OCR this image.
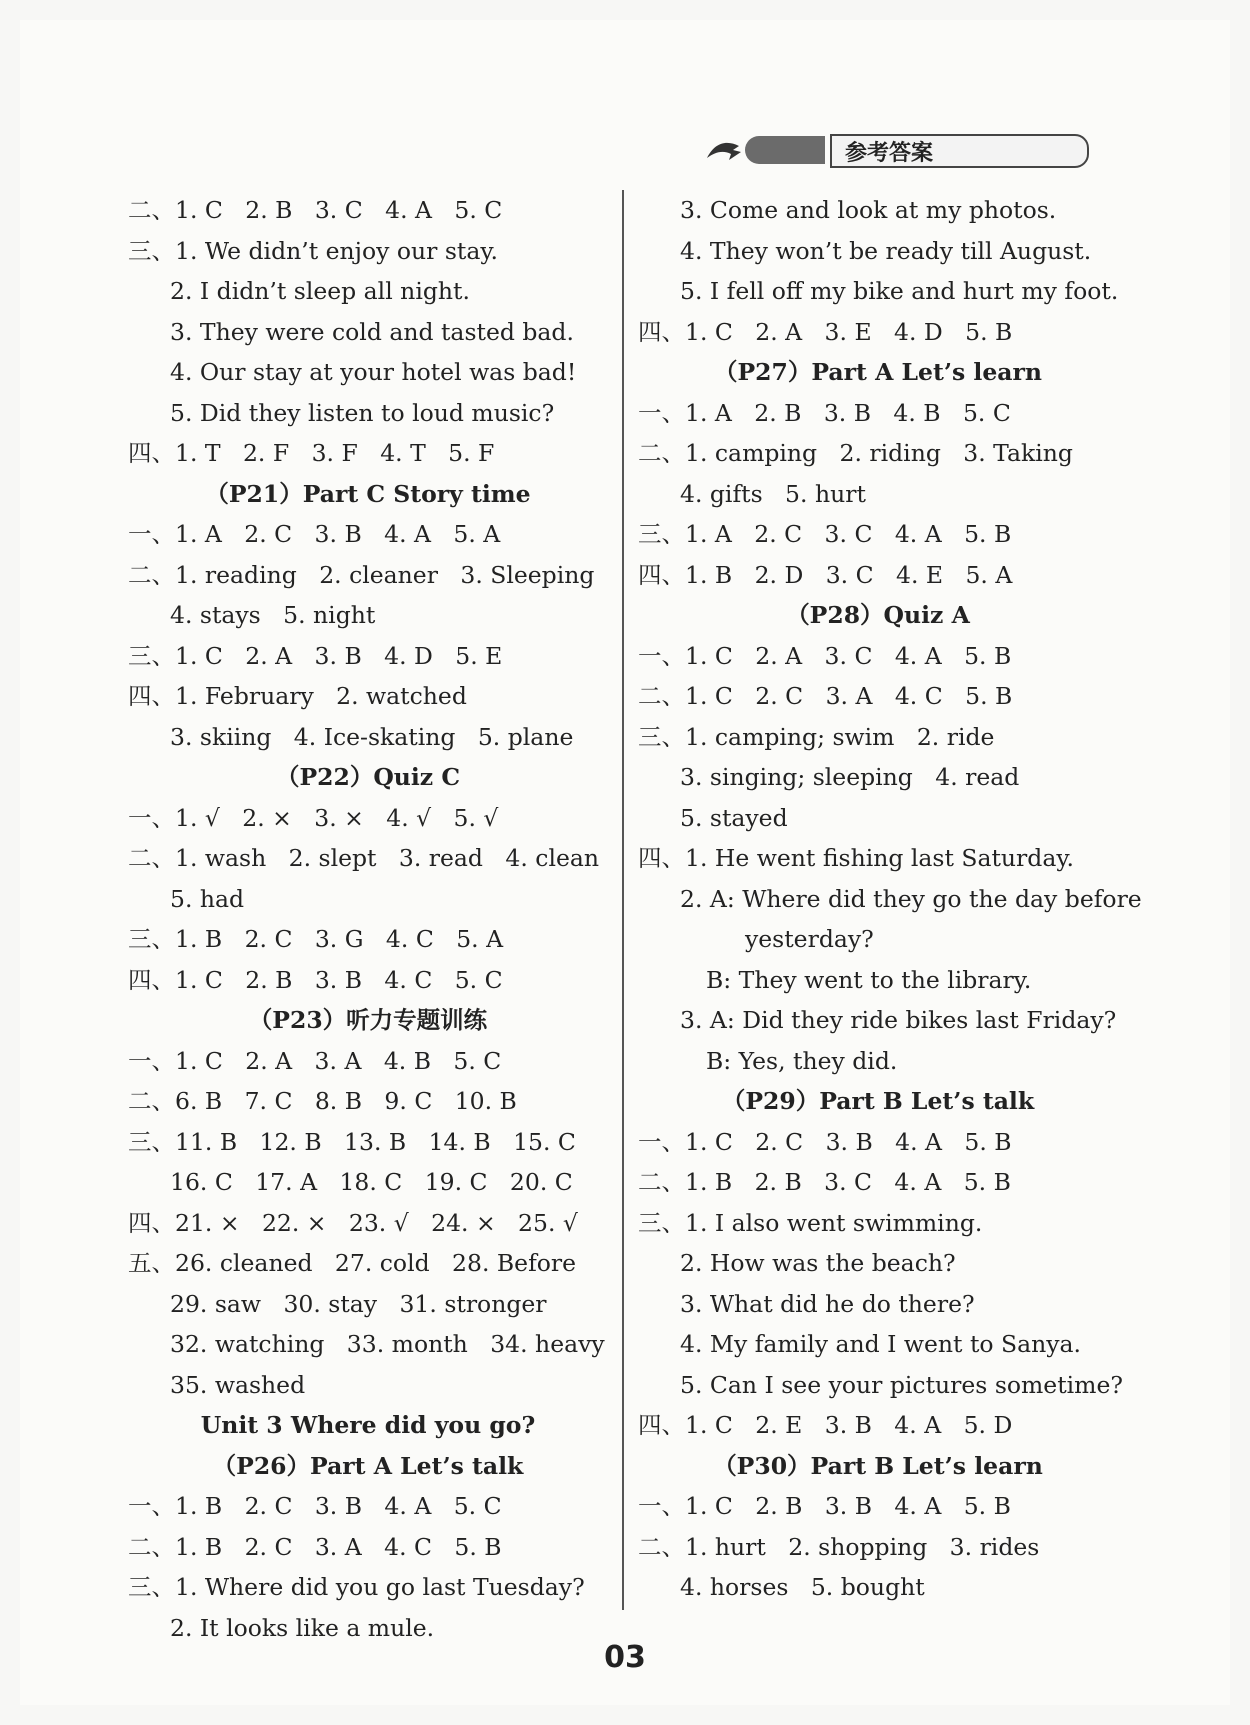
参考答案
二、1. C   2. B   3. C   4. A   5. C
三、1. We didn’t enjoy our stay.
2. I didn’t sleep all night.
3. They were cold and tasted bad.
4. Our stay at your hotel was bad!
5. Did they listen to loud music?
四、1. T   2. F   3. F   4. T   5. F
（P21）Part C Story time
一、1. A   2. C   3. B   4. A   5. A
二、1. reading   2. cleaner   3. Sleeping
4. stays   5. night
三、1. C   2. A   3. B   4. D   5. E
四、1. February   2. watched
3. skiing   4. Ice-skating   5. plane
（P22）Quiz C
一、1. √   2. ×   3. ×   4. √   5. √
二、1. wash   2. slept   3. read   4. clean
5. had
三、1. B   2. C   3. G   4. C   5. A
四、1. C   2. B   3. B   4. C   5. C
（P23）听力专题训练
一、1. C   2. A   3. A   4. B   5. C
二、6. B   7. C   8. B   9. C   10. B
三、11. B   12. B   13. B   14. B   15. C
16. C   17. A   18. C   19. C   20. C
四、21. ×   22. ×   23. √   24. ×   25. √
五、26. cleaned   27. cold   28. Before
29. saw   30. stay   31. stronger
32. watching   33. month   34. heavy
35. washed
Unit 3 Where did you go?
（P26）Part A Let’s talk
一、1. B   2. C   3. B   4. A   5. C
二、1. B   2. C   3. A   4. C   5. B
三、1. Where did you go last Tuesday?
2. It looks like a mule.
3. Come and look at my photos.
4. They won’t be ready till August.
5. I fell off my bike and hurt my foot.
四、1. C   2. A   3. E   4. D   5. B
（P27）Part A Let’s learn
一、1. A   2. B   3. B   4. B   5. C
二、1. camping   2. riding   3. Taking
4. gifts   5. hurt
三、1. A   2. C   3. C   4. A   5. B
四、1. B   2. D   3. C   4. E   5. A
（P28）Quiz A
一、1. C   2. A   3. C   4. A   5. B
二、1. C   2. C   3. A   4. C   5. B
三、1. camping; swim   2. ride
3. singing; sleeping   4. read
5. stayed
四、1. He went fishing last Saturday.
2. A: Where did they go the day before
yesterday?
B: They went to the library.
3. A: Did they ride bikes last Friday?
B: Yes, they did.
（P29）Part B Let’s talk
一、1. C   2. C   3. B   4. A   5. B
二、1. B   2. B   3. C   4. A   5. B
三、1. I also went swimming.
2. How was the beach?
3. What did he do there?
4. My family and I went to Sanya.
5. Can I see your pictures sometime?
四、1. C   2. E   3. B   4. A   5. D
（P30）Part B Let’s learn
一、1. C   2. B   3. B   4. A   5. B
二、1. hurt   2. shopping   3. rides
4. horses   5. bought
03
